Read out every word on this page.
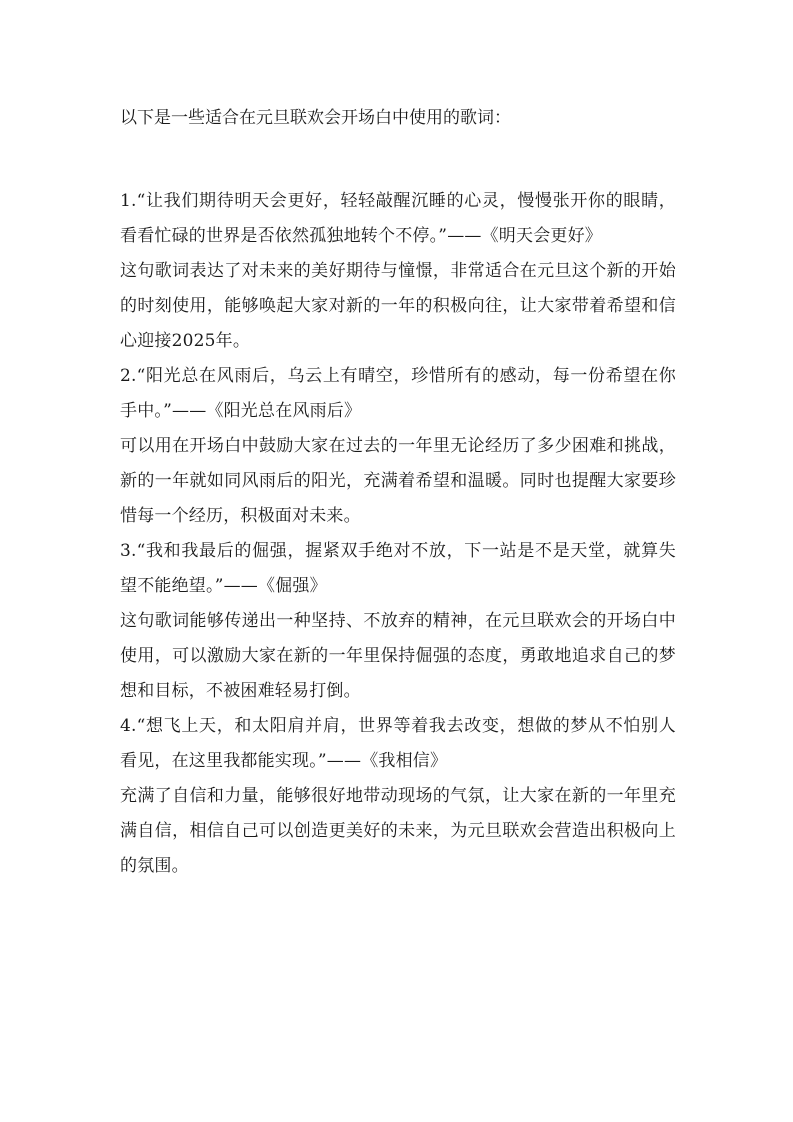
以下是一些适合在元旦联欢会开场白中使用的歌词：

1.“让我们期待明天会更好，轻轻敲醒沉睡的心灵，慢慢张开你的眼睛，看看忙碌的世界是否依然孤独地转个不停。”——《明天会更好》

这句歌词表达了对未来的美好期待与憧憬，非常适合在元旦这个新的开始的时刻使用，能够唤起大家对新的一年的积极向往，让大家带着希望和信心迎接2025年。

2.“阳光总在风雨后，乌云上有晴空，珍惜所有的感动，每一份希望在你手中。”——《阳光总在风雨后》

可以用在开场白中鼓励大家在过去的一年里无论经历了多少困难和挑战，新的一年就如同风雨后的阳光，充满着希望和温暖。同时也提醒大家要珍惜每一个经历，积极面对未来。

3.“我和我最后的倔强，握紧双手绝对不放，下一站是不是天堂，就算失望不能绝望。”——《倔强》

这句歌词能够传递出一种坚持、不放弃的精神，在元旦联欢会的开场白中使用，可以激励大家在新的一年里保持倔强的态度，勇敢地追求自己的梦想和目标，不被困难轻易打倒。

4.“想飞上天，和太阳肩并肩，世界等着我去改变，想做的梦从不怕别人看见，在这里我都能实现。”——《我相信》

充满了自信和力量，能够很好地带动现场的气氛，让大家在新的一年里充满自信，相信自己可以创造更美好的未来，为元旦联欢会营造出积极向上的氛围。
